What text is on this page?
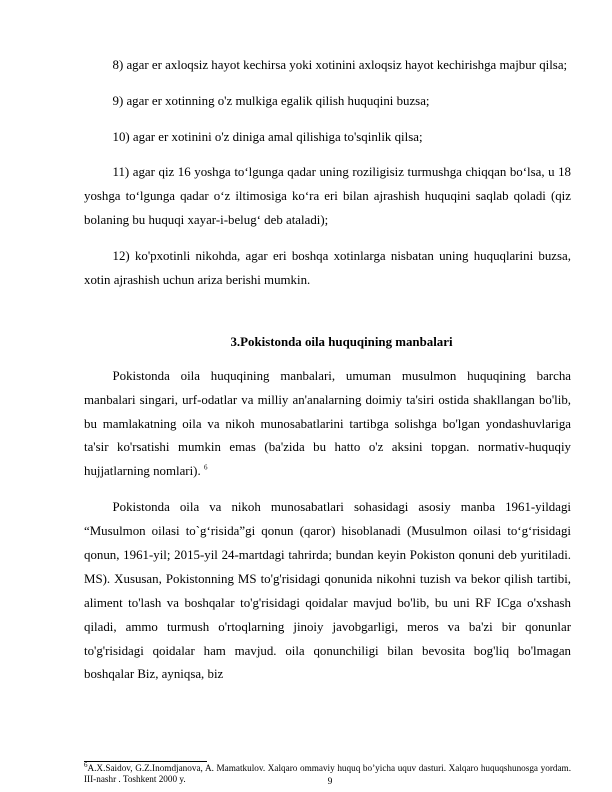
8) agar er axloqsiz hayot kechirsa yoki xotinini axloqsiz hayot kechirishga majbur qilsa;

9) agar er xotinning o'z mulkiga egalik qilish huquqini buzsa;

10) agar er xotinini o'z diniga amal qilishiga to'sqinlik qilsa;

11) agar qiz 16 yoshga to‘lgunga qadar uning roziligisiz turmushga chiqqan bo‘lsa, u 18 yoshga to‘lgunga qadar o‘z iltimosiga ko‘ra eri bilan ajrashish huquqini saqlab qoladi (qiz bolaning bu huquqi xayar-i-belug‘ deb ataladi);

12) ko'pxotinli nikohda, agar eri boshqa xotinlarga nisbatan uning huquqlarini buzsa, xotin ajrashish uchun ariza berishi mumkin.

3.Pokistonda oila huquqining manbalari

Pokistonda oila huquqining manbalari, umuman musulmon huquqining barcha manbalari singari, urf-odatlar va milliy an'analarning doimiy ta'siri ostida shakllangan bo'lib, bu mamlakatning oila va nikoh munosabatlarini tartibga solishga bo'lgan yondashuvlariga ta'sir ko'rsatishi mumkin emas (ba'zida bu hatto o'z aksini topgan. normativ-huquqiy hujjatlarning nomlari). $^6$

Pokistonda oila va nikoh munosabatlari sohasidagi asosiy manba 1961-yildagi “Musulmon oilasi to`g‘risida”gi qonun (qaror) hisoblanadi (Musulmon oilasi to‘g‘risidagi qonun, 1961-yil; 2015-yil 24-martdagi tahrirda; bundan keyin Pokiston qonuni deb yuritiladi. MS). Xususan, Pokistonning MS to'g'risidagi qonunida nikohni tuzish va bekor qilish tartibi, aliment to'lash va boshqalar to'g'risidagi qoidalar mavjud bo'lib, bu uni RF ICga o'xshash qiladi, ammo turmush o'rtoqlarning jinoiy javobgarligi, meros va ba'zi bir qonunlar to'g'risidagi qoidalar ham mavjud. oila qonunchiligi bilan bevosita bog'liq bo'lmagan boshqalar Biz, ayniqsa, biz

$^6$A.X.Saidov, G.Z.Inomdjanova, A. Mamatkulov. Xalqaro ommaviy huquq bo’yicha uquv dasturi. Xalqaro huquqshunosga yordam. III-nashr . Toshkent 2000 y.	9
